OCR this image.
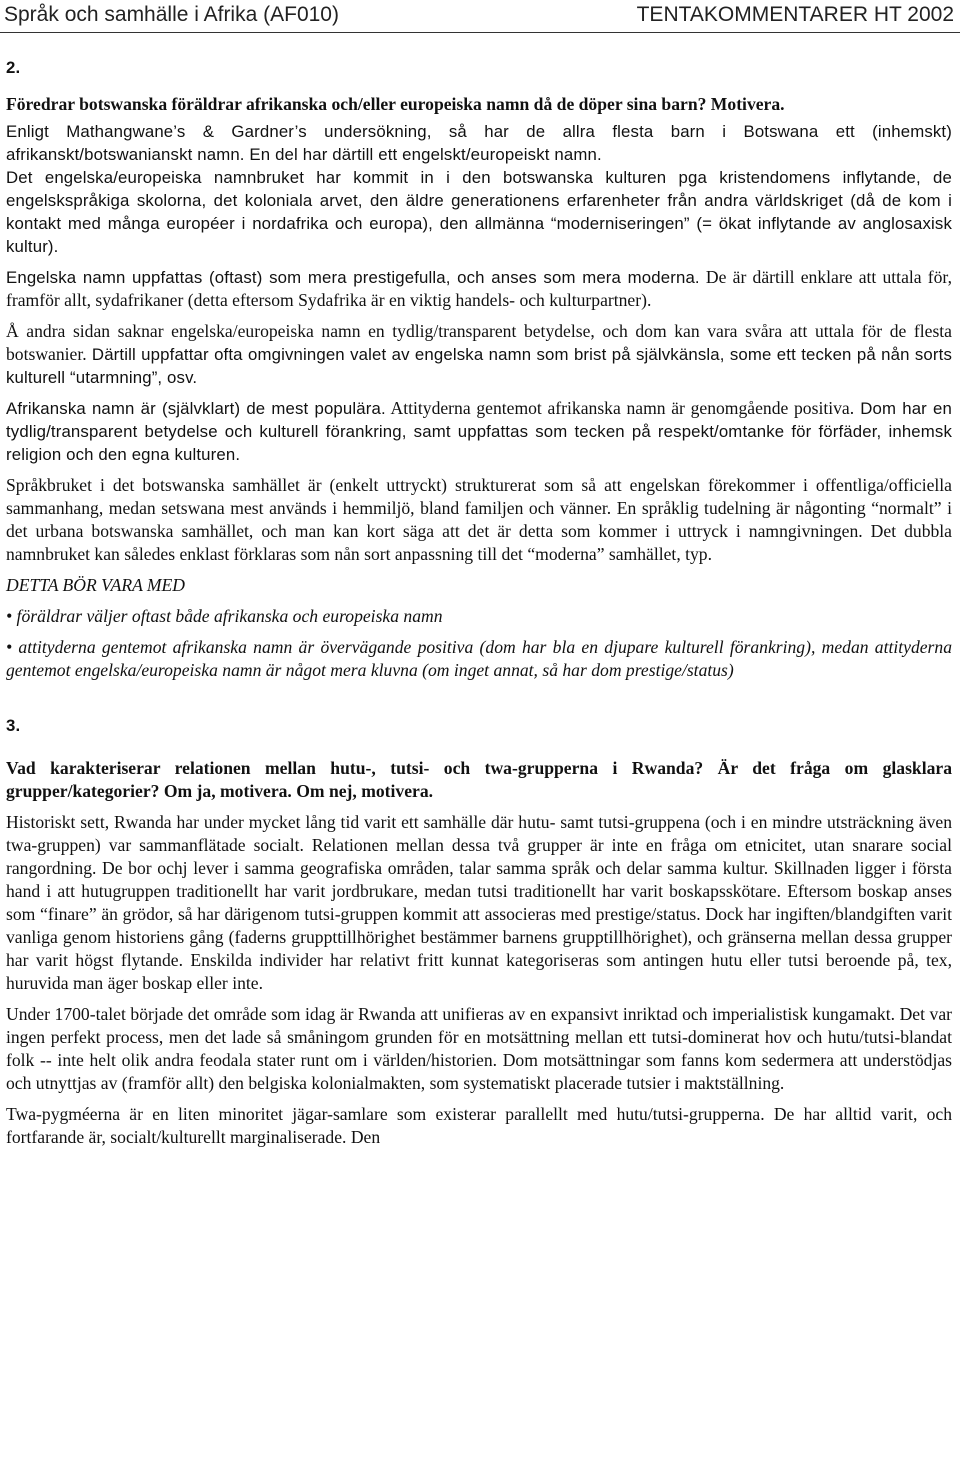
Språk och samhälle i Afrika (AF010)	TENTAKOMMENTARER HT 2002
2.
Föredrar botswanska föräldrar afrikanska och/eller europeiska namn då de döper sina barn? Motivera.

Enligt Mathangwane’s & Gardner’s undersökning, så har de allra flesta barn i Botswana ett (inhemskt) afrikanskt/botswanianskt namn. En del har därtill ett engelskt/europeiskt namn.

Det engelska/europeiska namnbruket har kommit in i den botswanska kulturen pga kristendomens inflytande, de engelskspråkiga skolorna, det koloniala arvet, den äldre generationens erfarenheter från andra världskriget (då de kom i kontakt med många européer i nordafrika och europa), den allmänna “moderniseringen” (= ökat inflytande av anglosaxisk kultur).

Engelska namn uppfattas (oftast) som mera prestigefulla, och anses som mera moderna. De är därtill enklare att uttala för, framför allt, sydafrikaner (detta eftersom Sydafrika är en viktig handels- och kulturpartner).

Å andra sidan saknar engelska/europeiska namn en tydlig/transparent betydelse, och dom kan vara svåra att uttala för de flesta botswanier. Därtill uppfattar ofta omgivningen valet av engelska namn som brist på självkänsla, some ett tecken på nån sorts kulturell “utarmning”, osv.

Afrikanska namn är (självklart) de mest populära. Attityderna gentemot afrikanska namn är genomgående positiva. Dom har en tydlig/transparent betydelse och kulturell förankring, samt uppfattas som tecken på respekt/omtanke för förfäder, inhemsk religion och den egna kulturen.

Språkbruket i det botswanska samhället är (enkelt uttryckt) strukturerat som så att engelskan förekommer i offentliga/officiella sammanhang, medan setswana mest används i hemmiljö, bland familjen och vänner. En språklig tudelning är någonting “normalt” i det urbana botswanska samhället, och man kan kort säga att det är detta som kommer i uttryck i namngivningen. Det dubbla namnbruket kan således enklast förklaras som nån sort anpassning till det “moderna” samhället, typ.

DETTA BÖR VARA MED

• föräldrar väljer oftast både afrikanska och europeiska namn

• attityderna gentemot afrikanska namn är övervägande positiva (dom har bla en djupare kulturell förankring), medan attityderna gentemot engelska/europeiska namn är något mera kluvna (om inget annat, så har dom prestige/status)

3.
Vad karakteriserar relationen mellan hutu-, tutsi- och twa-grupperna i Rwanda? Är det fråga om glasklara grupper/kategorier? Om ja, motivera. Om nej, motivera.

Historiskt sett, Rwanda har under mycket lång tid varit ett samhälle där hutu- samt tutsi-gruppena (och i en mindre utsträckning även twa-gruppen) var sammanflätade socialt. Relationen mellan dessa två grupper är inte en fråga om etnicitet, utan snarare social rangordning. De bor ochj lever i samma geografiska områden, talar samma språk och delar samma kultur. Skillnaden ligger i första hand i att hutugruppen traditionellt har varit jordbrukare, medan tutsi traditionellt har varit boskapsskötare. Eftersom boskap anses som “finare” än grödor, så har därigenom tutsi-gruppen kommit att associeras med prestige/status. Dock har ingiften/blandgiften varit vanliga genom historiens gång (faderns gruppttillhörighet bestämmer barnens grupptillhörighet), och gränserna mellan dessa grupper har varit högst flytande. Enskilda individer har relativt fritt kunnat kategoriseras som antingen hutu eller tutsi beroende på, tex, huruvida man äger boskap eller inte.

Under 1700-talet började det område som idag är Rwanda att unifieras av en expansivt inriktad och imperialistisk kungamakt. Det var ingen perfekt process, men det lade så småningom grunden för en motsättning mellan ett tutsi-dominerat hov och hutu/tutsi-blandat folk -- inte helt olik andra feodala stater runt om i världen/historien. Dom motsättningar som fanns kom sedermera att understödjas och utnyttjas av (framför allt) den belgiska kolonialmakten, som systematiskt placerade tutsier i maktställning.

Twa-pygméerna är en liten minoritet jägar-samlare som existerar parallellt med hutu/tutsi-grupperna. De har alltid varit, och fortfarande är, socialt/kulturellt marginaliserade. Den
